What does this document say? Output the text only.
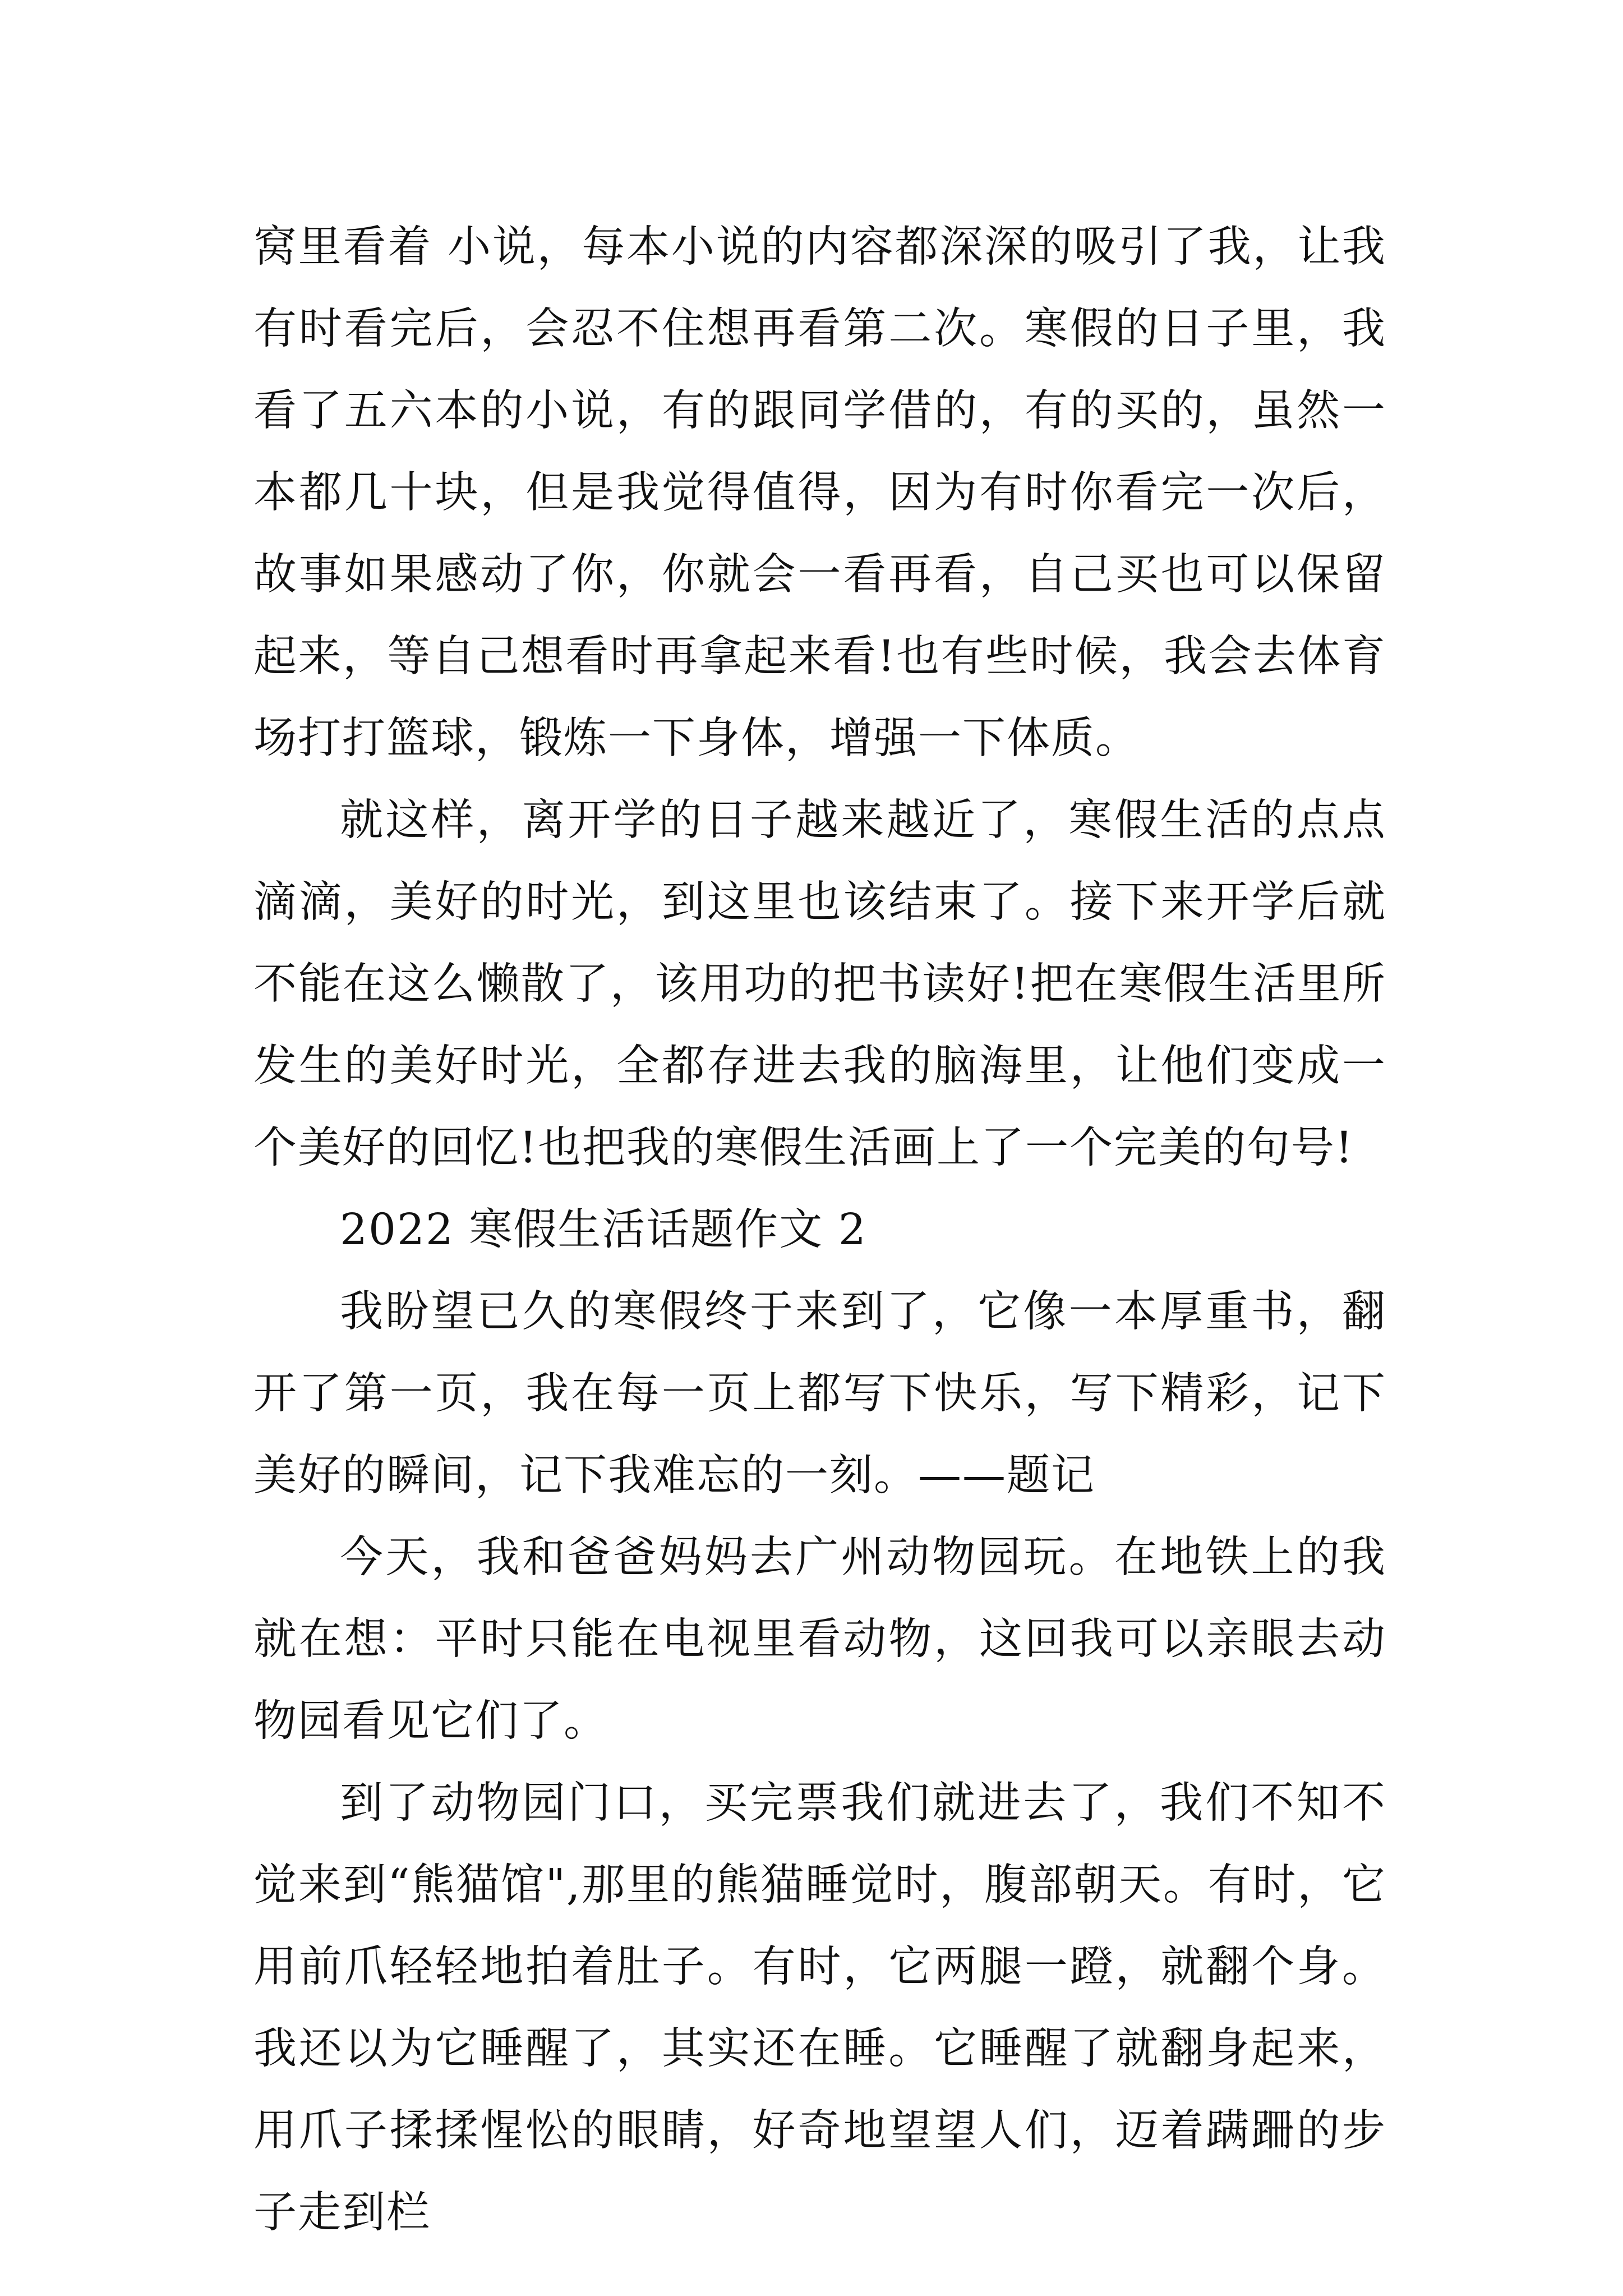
窝里看着 小说，每本小说的内容都深深的吸引了我，让我有时看完后，会忍不住想再看第二次。寒假的日子里，我看了五六本的小说，有的跟同学借的，有的买的，虽然一本都几十块，但是我觉得值得，因为有时你看完一次后，故事如果感动了你，你就会一看再看，自己买也可以保留起来，等自己想看时再拿起来看!也有些时候，我会去体育场打打篮球，锻炼一下身体，增强一下体质。

就这样，离开学的日子越来越近了，寒假生活的点点滴滴，美好的时光，到这里也该结束了。接下来开学后就不能在这么懒散了，该用功的把书读好!把在寒假生活里所发生的美好时光，全都存进去我的脑海里，让他们变成一个美好的回忆!也把我的寒假生活画上了一个完美的句号!

2022 寒假生活话题作文 2

我盼望已久的寒假终于来到了，它像一本厚重书，翻开了第一页，我在每一页上都写下快乐，写下精彩，记下美好的瞬间，记下我难忘的一刻。——题记

今天，我和爸爸妈妈去广州动物园玩。在地铁上的我就在想：平时只能在电视里看动物，这回我可以亲眼去动物园看见它们了。

到了动物园门口，买完票我们就进去了，我们不知不觉来到“熊猫馆",那里的熊猫睡觉时，腹部朝天。有时，它用前爪轻轻地拍着肚子。有时，它两腿一蹬，就翻个身。我还以为它睡醒了，其实还在睡。它睡醒了就翻身起来，用爪子揉揉惺忪的眼睛，好奇地望望人们，迈着蹒跚的步子走到栏
